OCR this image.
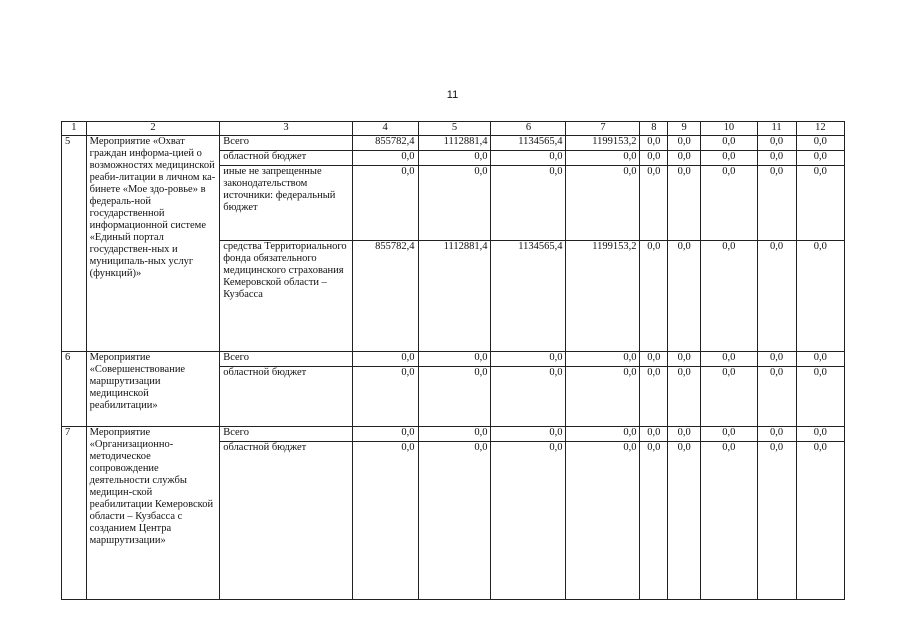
11
1	2	3	4	5	6	7	8	9	10	11	12
5	Мероприятие «Охват граждан информа-цией о возможностях медицинской реаби-литации в личном ка-бинете «Мое здо-ровье» в федераль-ной государственной информационной системе «Единый портал государствен-ных и муниципаль-ных услуг (функций)»	Всего	855782,4	1112881,4	1134565,4	1199153,2	0,0	0,0	0,0	0,0	0,0
		областной бюджет	0,0	0,0	0,0	0,0	0,0	0,0	0,0	0,0	0,0
		иные не запрещенные законодательством источники: федеральный бюджет	0,0	0,0	0,0	0,0	0,0	0,0	0,0	0,0	0,0
		средства Территориального фонда обязательного медицинского страхования Кемеровской области – Кузбасса	855782,4	1112881,4	1134565,4	1199153,2	0,0	0,0	0,0	0,0	0,0
6	Мероприятие «Совершенствование маршрутизации медицинской реабилитации»	Всего	0,0	0,0	0,0	0,0	0,0	0,0	0,0	0,0	0,0
		областной бюджет	0,0	0,0	0,0	0,0	0,0	0,0	0,0	0,0	0,0
7	Мероприятие «Организационно-методическое сопровождение деятельности службы медицин-ской реабилитации Кемеровской области – Кузбасса с созданием Центра маршрутизации»	Всего	0,0	0,0	0,0	0,0	0,0	0,0	0,0	0,0	0,0
		областной бюджет	0,0	0,0	0,0	0,0	0,0	0,0	0,0	0,0	0,0
